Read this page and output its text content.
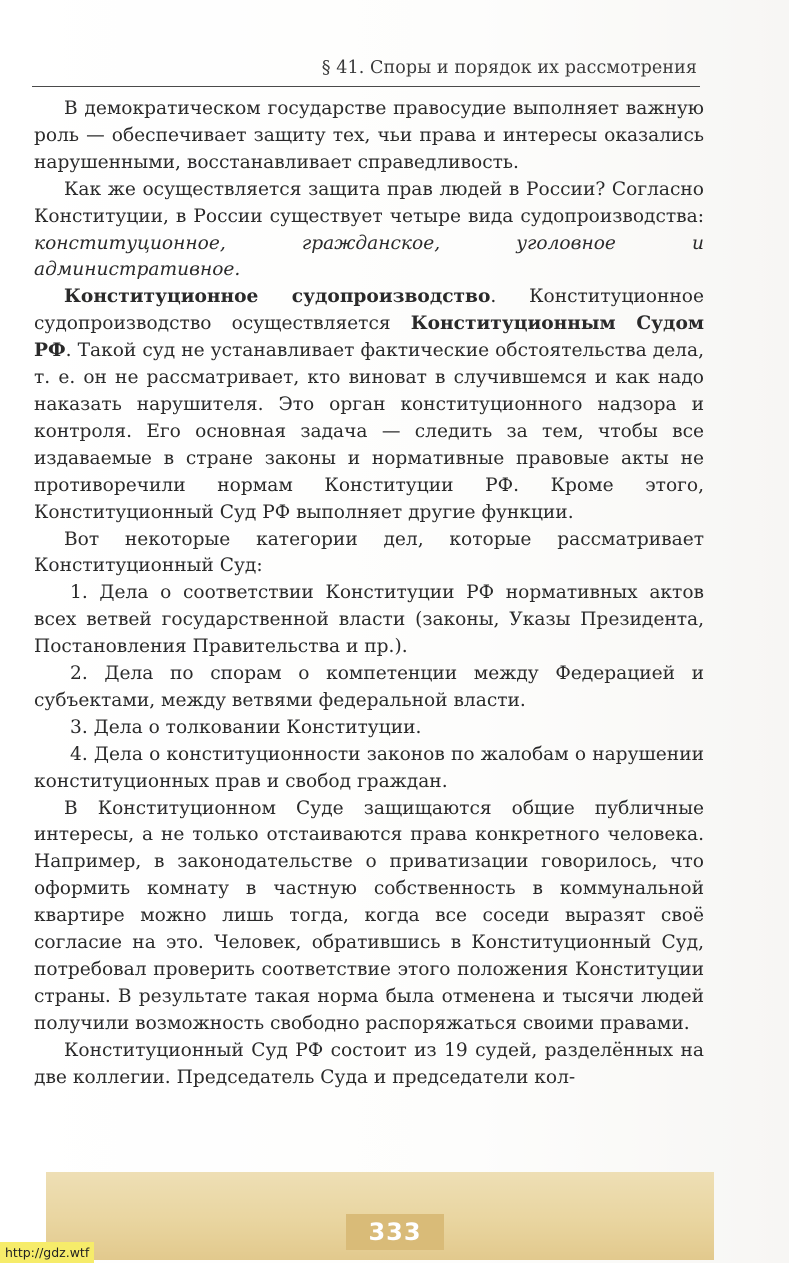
§ 41. Споры и порядок их рассмотрения

В демократическом государстве правосудие выполняет важную роль — обеспечивает защиту тех, чьи права и интересы оказались нарушенными, восстанавливает справедливость.

Как же осуществляется защита прав людей в России? Согласно Конституции, в России существует четыре вида судопроизводства: конституционное, гражданское, уголовное и административное.

Конституционное судопроизводство. Конституционное судопроизводство осуществляется Конституционным Судом РФ. Такой суд не устанавливает фактические обстоятельства дела, т. е. он не рассматривает, кто виноват в случившемся и как надо наказать нарушителя. Это орган конституционного надзора и контроля. Его основная задача — следить за тем, чтобы все издаваемые в стране законы и нормативные правовые акты не противоречили нормам Конституции РФ. Кроме этого, Конституционный Суд РФ выполняет другие функции.

Вот некоторые категории дел, которые рассматривает Конституционный Суд:

1. Дела о соответствии Конституции РФ нормативных актов всех ветвей государственной власти (законы, Указы Президента, Постановления Правительства и пр.).

2. Дела по спорам о компетенции между Федерацией и субъектами, между ветвями федеральной власти.

3. Дела о толковании Конституции.

4. Дела о конституционности законов по жалобам о нарушении конституционных прав и свобод граждан.

В Конституционном Суде защищаются общие публичные интересы, а не только отстаиваются права конкретного человека. Например, в законодательстве о приватизации говорилось, что оформить комнату в частную собственность в коммунальной квартире можно лишь тогда, когда все соседи выразят своё согласие на это. Человек, обратившись в Конституционный Суд, потребовал проверить соответствие этого положения Конституции страны. В результате такая норма была отменена и тысячи людей получили возможность свободно распоряжаться своими правами.

Конституционный Суд РФ состоит из 19 судей, разделённых на две коллегии. Председатель Суда и председатели кол-

333
http://gdz.wtf
